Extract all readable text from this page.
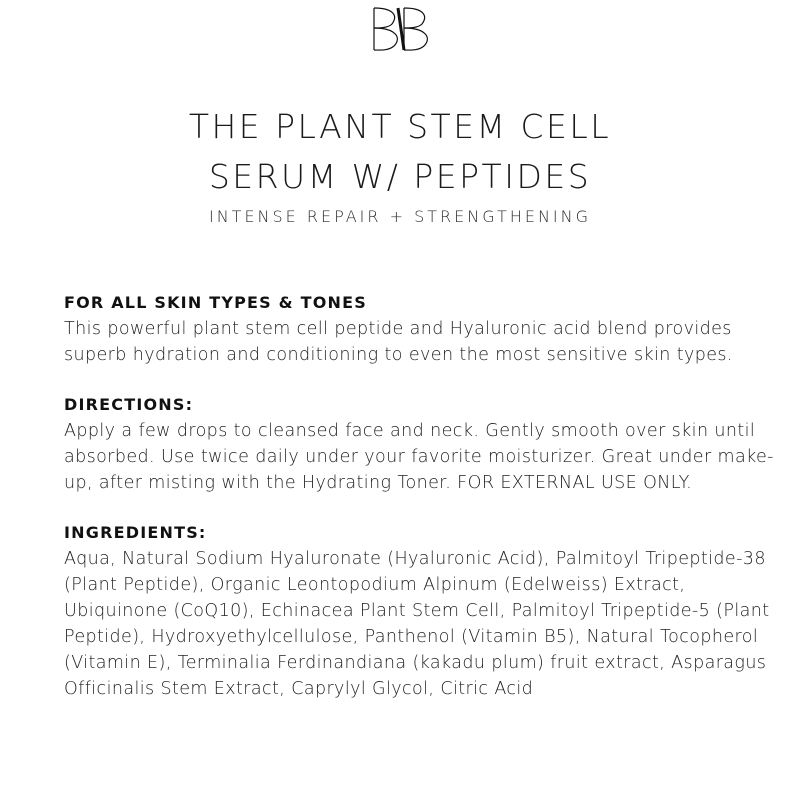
THE PLANT STEM CELL
SERUM W/ PEPTIDES

INTENSE REPAIR + STRENGTHENING

FOR ALL SKIN TYPES & TONES

This powerful plant stem cell peptide and Hyaluronic acid blend provides superb hydration and conditioning to even the most sensitive skin types.

DIRECTIONS:

Apply a few drops to cleansed face and neck. Gently smooth over skin until absorbed. Use twice daily under your favorite moisturizer. Great under make-up, after misting with the Hydrating Toner. FOR EXTERNAL USE ONLY.

INGREDIENTS:

Aqua, Natural Sodium Hyaluronate (Hyaluronic Acid), Palmitoyl Tripeptide-38 (Plant Peptide), Organic Leontopodium Alpinum (Edelweiss) Extract, Ubiquinone (CoQ10), Echinacea Plant Stem Cell, Palmitoyl Tripeptide-5 (Plant Peptide), Hydroxyethylcellulose, Panthenol (Vitamin B5), Natural Tocopherol (Vitamin E), Terminalia Ferdinandiana (kakadu plum) fruit extract, Asparagus Officinalis Stem Extract, Caprylyl Glycol, Citric Acid
